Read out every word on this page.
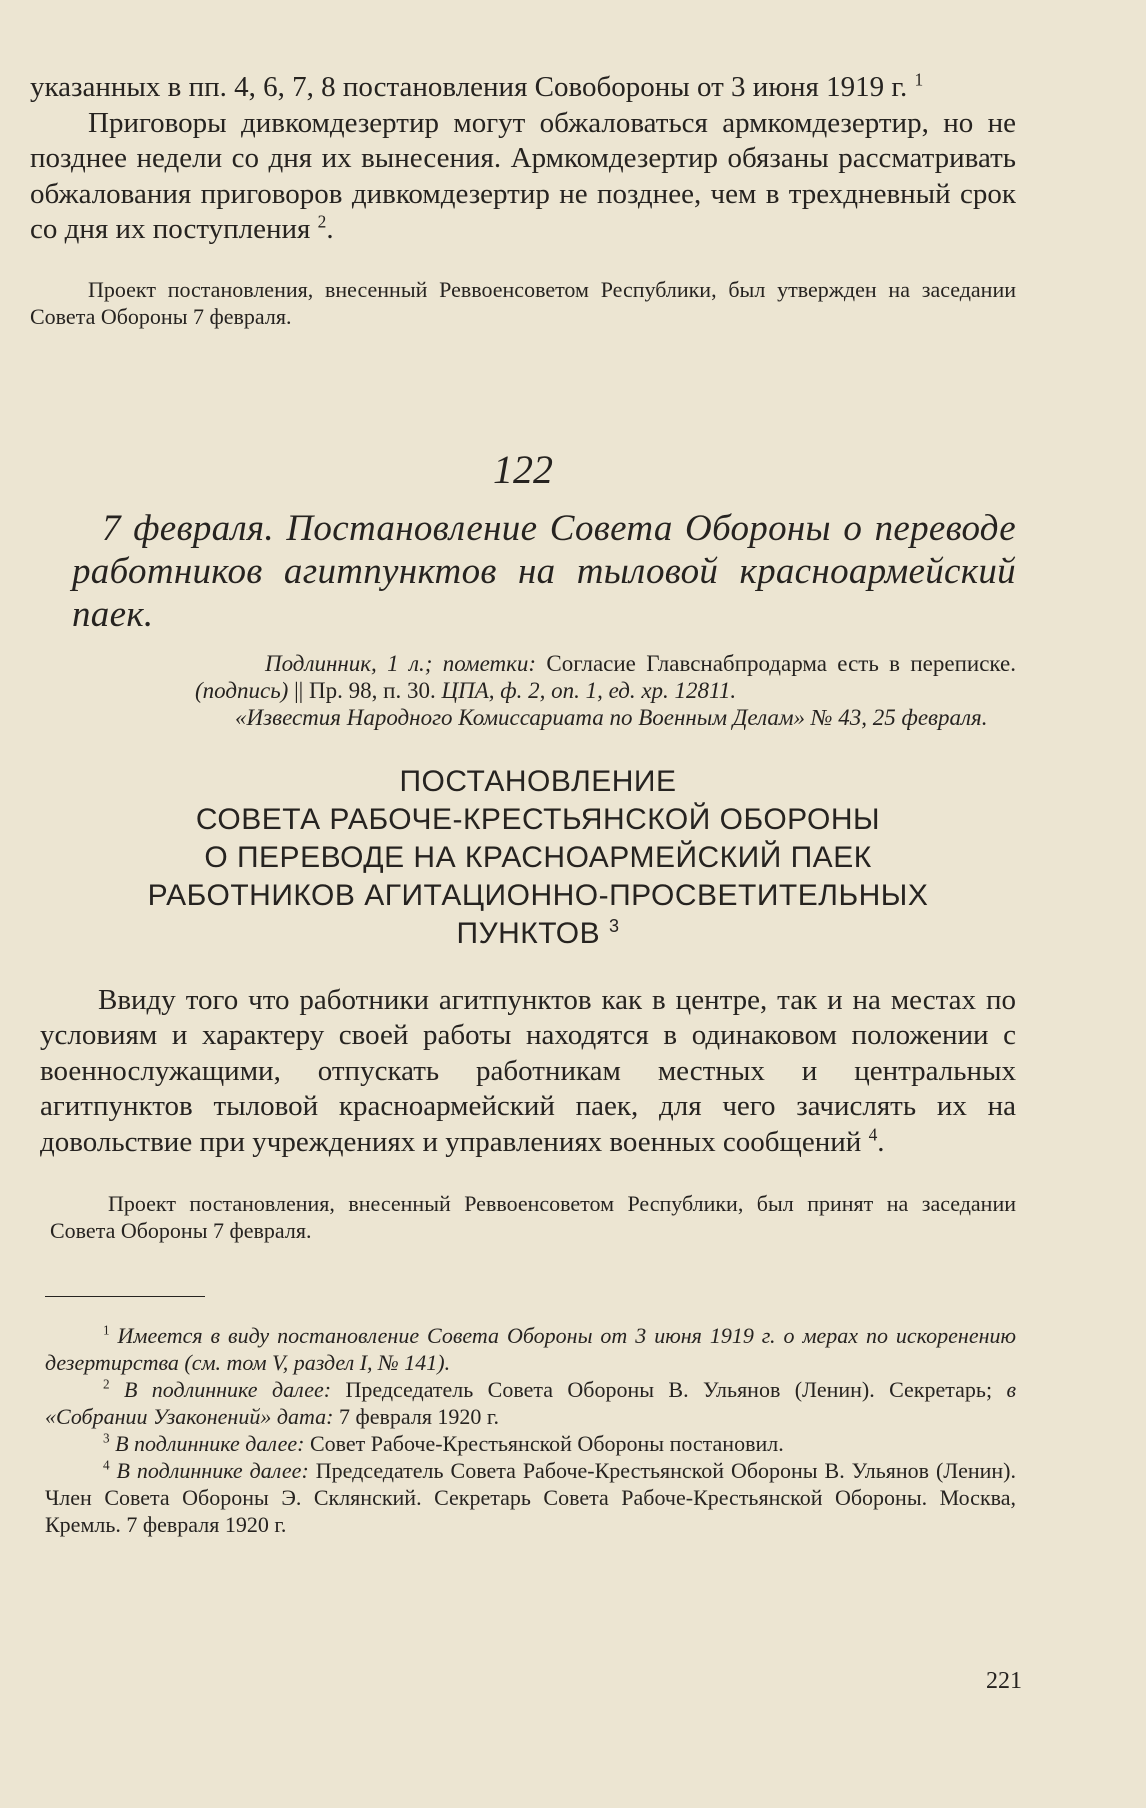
указанных в пп. 4, 6, 7, 8 постановления Совобороны от 3 июня 1919 г. $^1$

Приговоры дивкомдезертир могут обжаловаться армкомдезертир, но не позднее недели со дня их вынесения. Армкомдезертир обязаны рассматривать обжалования приговоров дивкомдезертир не позднее, чем в трехдневный срок со дня их поступления $^2$.

Проект постановления, внесенный Реввоенсоветом Республики, был утвержден на заседании Совета Обороны 7 февраля.

122
7 февраля. Постановление Совета Обороны о переводе работников агитпунктов на тыловой красноармейский паек.

Подлинник, 1 л.; пометки: Согласие Главснабпродарма есть в переписке. (подпись) || Пр. 98, п. 30. ЦПА, ф. 2, оп. 1, ед. хр. 12811.

«Известия Народного Комиссариата по Военным Делам» № 43, 25 февраля.

ПОСТАНОВЛЕНИЕ
СОВЕТА РАБОЧЕ-КРЕСТЬЯНСКОЙ ОБОРОНЫ
О ПЕРЕВОДЕ НА КРАСНОАРМЕЙСКИЙ ПАЕК
РАБОТНИКОВ АГИТАЦИОННО-ПРОСВЕТИТЕЛЬНЫХ
ПУНКТОВ $^3$

Ввиду того что работники агитпунктов как в центре, так и на местах по условиям и характеру своей работы находятся в одинаковом положении с военнослужащими, отпускать работникам местных и центральных агитпунктов тыловой красноармейский паек, для чего зачислять их на довольствие при учреждениях и управлениях военных сообщений $^4$.

Проект постановления, внесенный Реввоенсоветом Республики, был принят на заседании Совета Обороны 7 февраля.

$^1$ Имеется в виду постановление Совета Обороны от 3 июня 1919 г. о мерах по искоренению дезертирства (см. том V, раздел I, № 141).

$^2$ В подлиннике далее: Председатель Совета Обороны В. Ульянов (Ленин). Секретарь; в «Собрании Узаконений» дата: 7 февраля 1920 г.

$^3$ В подлиннике далее: Совет Рабоче-Крестьянской Обороны постановил.

$^4$ В подлиннике далее: Председатель Совета Рабоче-Крестьянской Обороны В. Ульянов (Ленин). Член Совета Обороны Э. Склянский. Секретарь Совета Рабоче-Крестьянской Обороны. Москва, Кремль. 7 февраля 1920 г.

221
